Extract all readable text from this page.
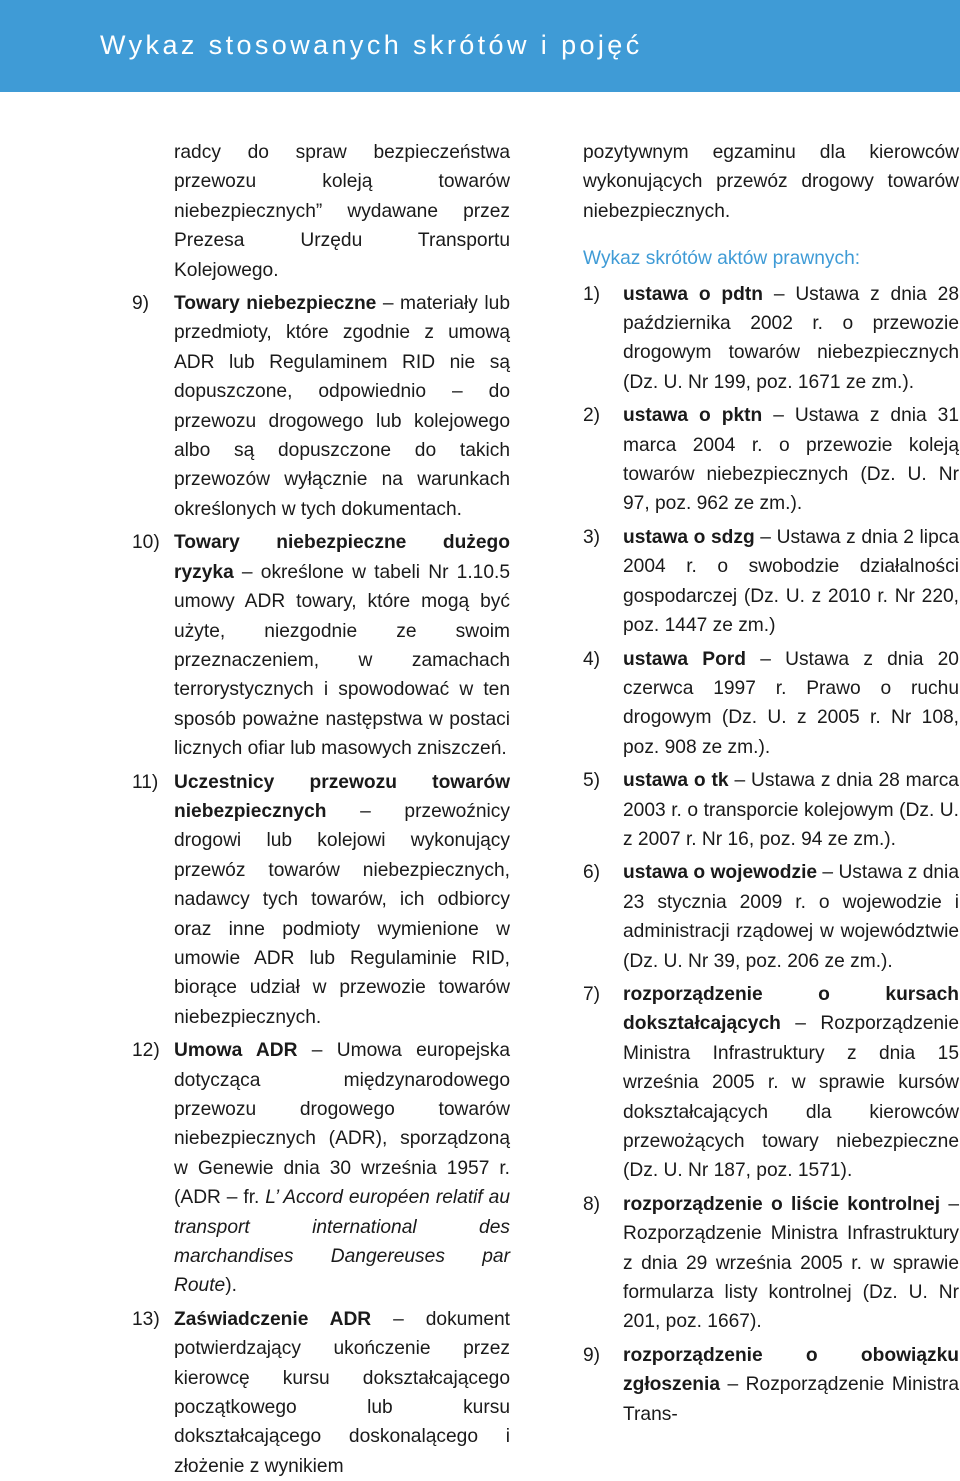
Wykaz stosowanych skrótów i pojęć
radcy do spraw bezpieczeństwa przewozu koleją towarów niebezpiecznych” wydawane przez Prezesa Urzędu Transportu Kolejowego.
9)	Towary niebezpieczne – materiały lub przedmioty, które zgodnie z umową ADR lub Regulaminem RID nie są dopuszczone, odpowiednio – do przewozu drogowego lub kolejowego albo są dopuszczone do takich przewozów wyłącznie na warunkach określonych w tych dokumentach.
10) Towary niebezpieczne dużego ryzyka – określone w tabeli Nr 1.10.5 umowy ADR towary, które mogą być użyte, niezgodnie ze swoim przeznaczeniem, w zamachach terrorystycznych i spowodować w ten sposób poważne następstwa w postaci licznych ofiar lub masowych zniszczeń.
11) Uczestnicy przewozu towarów niebezpiecznych – przewoźnicy drogowi lub kolejowi wykonujący przewóz towarów niebezpiecznych, nadawcy tych towarów, ich odbiorcy oraz inne podmioty wymienione w umowie ADR lub Regulaminie RID, biorące udział w przewozie towarów niebezpiecznych.
12) Umowa ADR – Umowa europejska dotycząca międzynarodowego przewozu drogowego towarów niebezpiecznych (ADR), sporządzoną w Genewie dnia 30 września 1957 r. (ADR – fr. L’ Accord européen relatif au transport international des marchandises Dangereuses par Route).
13) Zaświadczenie ADR – dokument potwierdzający ukończenie przez kierowcę kursu dokształcającego początkowego lub kursu dokształcającego doskonalącego i złożenie z wynikiem
pozytywnym egzaminu dla kierowców wykonujących przewóz drogowy towarów niebezpiecznych.
Wykaz skrótów aktów prawnych:
1)	ustawa o pdtn – Ustawa z dnia 28 października 2002 r. o przewozie drogowym towarów niebezpiecznych (Dz. U. Nr 199, poz. 1671 ze zm.).
2)	ustawa o pktn – Ustawa z dnia 31 marca 2004 r. o przewozie koleją towarów niebezpiecznych (Dz. U. Nr 97, poz. 962 ze zm.).
3)	ustawa o sdzg – Ustawa z dnia 2 lipca 2004 r. o swobodzie działalności gospodarczej (Dz. U. z 2010 r. Nr 220, poz. 1447 ze zm.)
4)	ustawa Pord – Ustawa z dnia 20 czerwca 1997 r. Prawo o ruchu drogowym (Dz. U. z 2005 r. Nr 108, poz. 908 ze zm.).
5)	ustawa o tk – Ustawa z dnia 28 marca 2003 r. o transporcie kolejowym (Dz. U. z 2007 r. Nr 16, poz. 94 ze zm.).
6)	ustawa o wojewodzie – Ustawa z dnia 23 stycznia 2009 r. o wojewodzie i administracji rządowej w województwie (Dz. U. Nr 39, poz. 206 ze zm.).
7)	rozporządzenie o kursach dokształcających – Rozporządzenie Ministra Infrastruktury z dnia 15 września 2005 r. w sprawie kursów dokształcających dla kierowców przewożących towary niebezpieczne (Dz. U. Nr 187, poz. 1571).
8)	rozporządzenie o liście kontrolnej – Rozporządzenie Ministra Infrastruktury z dnia 29 września 2005 r. w sprawie formularza listy kontrolnej (Dz. U. Nr 201, poz. 1667).
9)	rozporządzenie o obowiązku zgłoszenia – Rozporządzenie Ministra Trans-
